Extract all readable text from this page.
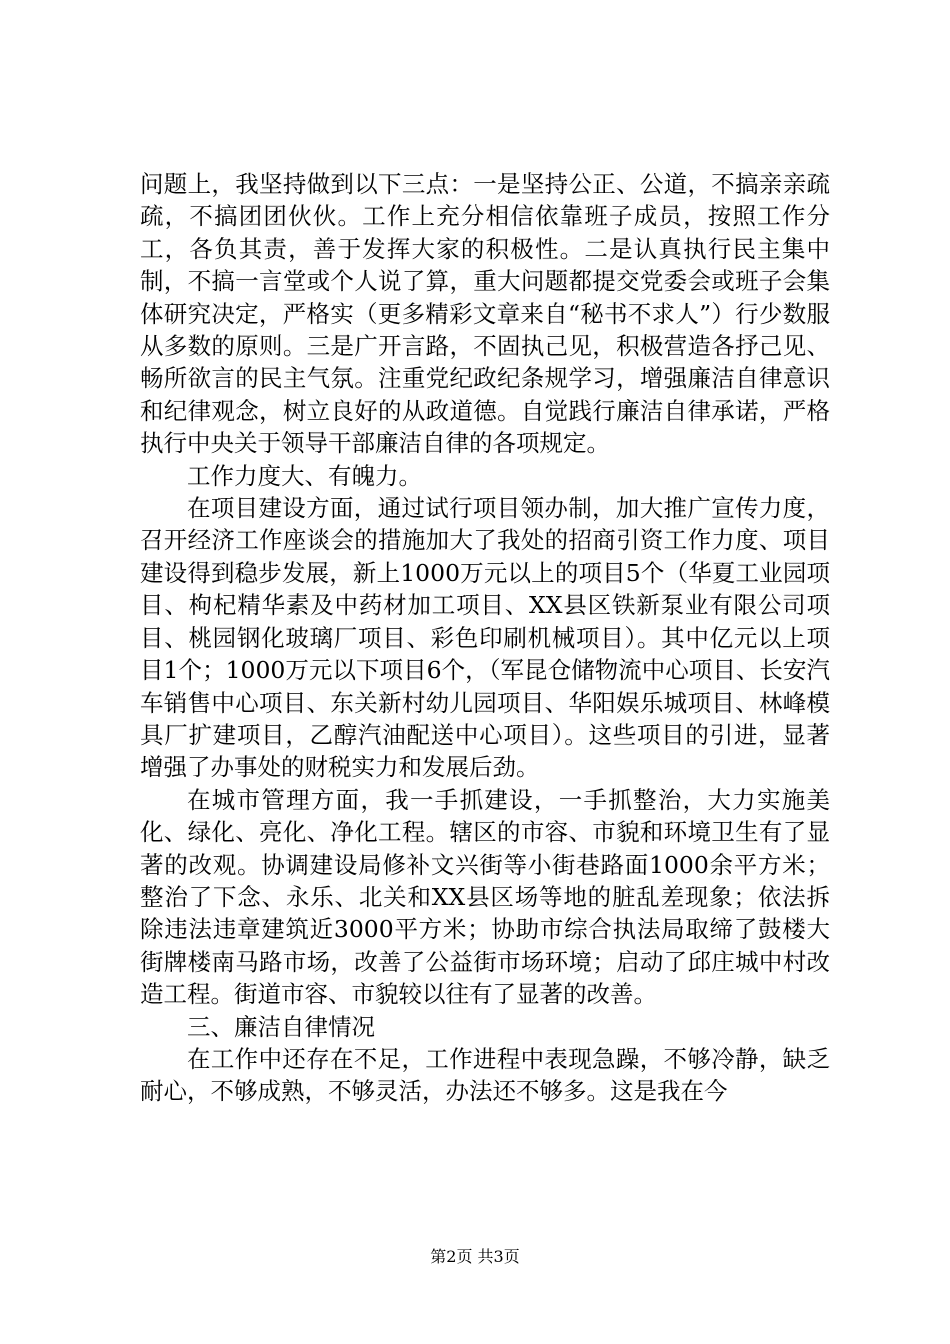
问题上，我坚持做到以下三点：一是坚持公正、公道，不搞亲亲疏疏，不搞团团伙伙。工作上充分相信依靠班子成员，按照工作分工，各负其责，善于发挥大家的积极性。二是认真执行民主集中制，不搞一言堂或个人说了算，重大问题都提交党委会或班子会集体研究决定，严格实（更多精彩文章来自“秘书不求人”）行少数服从多数的原则。三是广开言路，不固执己见，积极营造各抒己见、畅所欲言的民主气氛。注重党纪政纪条规学习，增强廉洁自律意识和纪律观念，树立良好的从政道德。自觉践行廉洁自律承诺，严格执行中央关于领导干部廉洁自律的各项规定。

工作力度大、有魄力。

在项目建设方面，通过试行项目领办制，加大推广宣传力度，召开经济工作座谈会的措施加大了我处的招商引资工作力度、项目建设得到稳步发展，新上1000万元以上的项目5个（华夏工业园项目、枸杞精华素及中药材加工项目、XX县区铁新泵业有限公司项目、桃园钢化玻璃厂项目、彩色印刷机械项目）。其中亿元以上项目1个；1000万元以下项目6个，（军昆仓储物流中心项目、长安汽车销售中心项目、东关新村幼儿园项目、华阳娱乐城项目、林峰模具厂扩建项目，乙醇汽油配送中心项目）。这些项目的引进，显著增强了办事处的财税实力和发展后劲。

在城市管理方面，我一手抓建设，一手抓整治，大力实施美化、绿化、亮化、净化工程。辖区的市容、市貌和环境卫生有了显著的改观。协调建设局修补文兴街等小街巷路面1000余平方米；整治了下念、永乐、北关和XX县区场等地的脏乱差现象；依法拆除违法违章建筑近3000平方米；协助市综合执法局取缔了鼓楼大街牌楼南马路市场，改善了公益街市场环境；启动了邱庄城中村改造工程。街道市容、市貌较以往有了显著的改善。

三、廉洁自律情况

在工作中还存在不足，工作进程中表现急躁，不够冷静，缺乏耐心，不够成熟，不够灵活，办法还不够多。这是我在今

第2页 共3页
